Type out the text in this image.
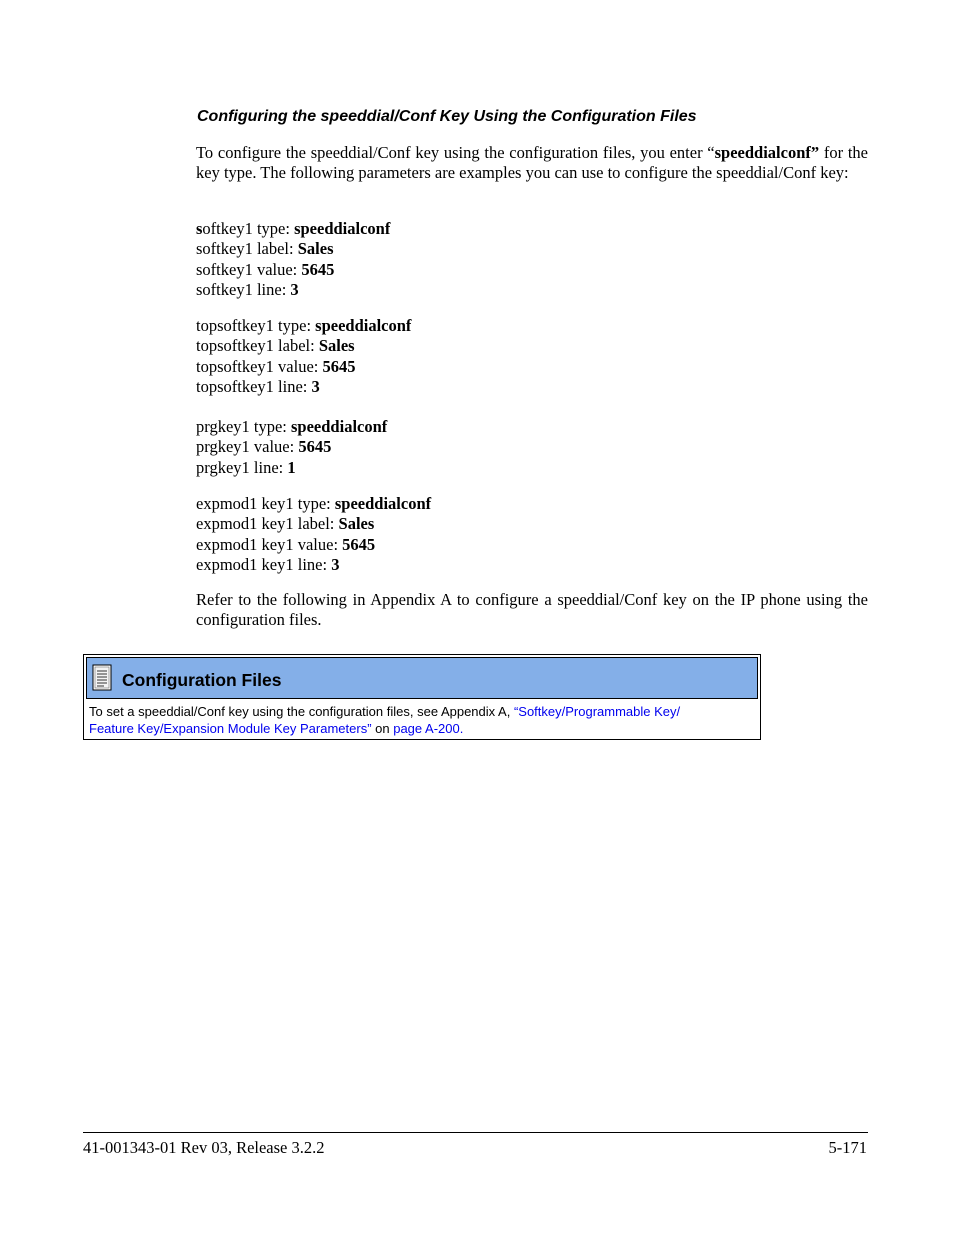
Configuring the speeddial/Conf Key Using the Configuration Files

To configure the speeddial/Conf key using the configuration files, you enter “speeddialconf” for the key type. The following parameters are examples you can use to configure the speeddial/Conf key:

softkey1 type: speeddialconf
softkey1 label: Sales
softkey1 value: 5645
softkey1 line: 3
topsoftkey1 type: speeddialconf
topsoftkey1 label: Sales
topsoftkey1 value: 5645
topsoftkey1 line: 3
prgkey1 type: speeddialconf
prgkey1 value: 5645
prgkey1 line: 1
expmod1 key1 type: speeddialconf
expmod1 key1 label: Sales
expmod1 key1 value: 5645
expmod1 key1 line: 3

Refer to the following in Appendix A to configure a speeddial/Conf key on the IP phone using the configuration files.

Configuration Files
To set a speeddial/Conf key using the configuration files, see Appendix A, “Softkey/Programmable Key/
Feature Key/Expansion Module Key Parameters” on page A-200.
41-001343-01 Rev 03, Release 3.2.2	5-171
